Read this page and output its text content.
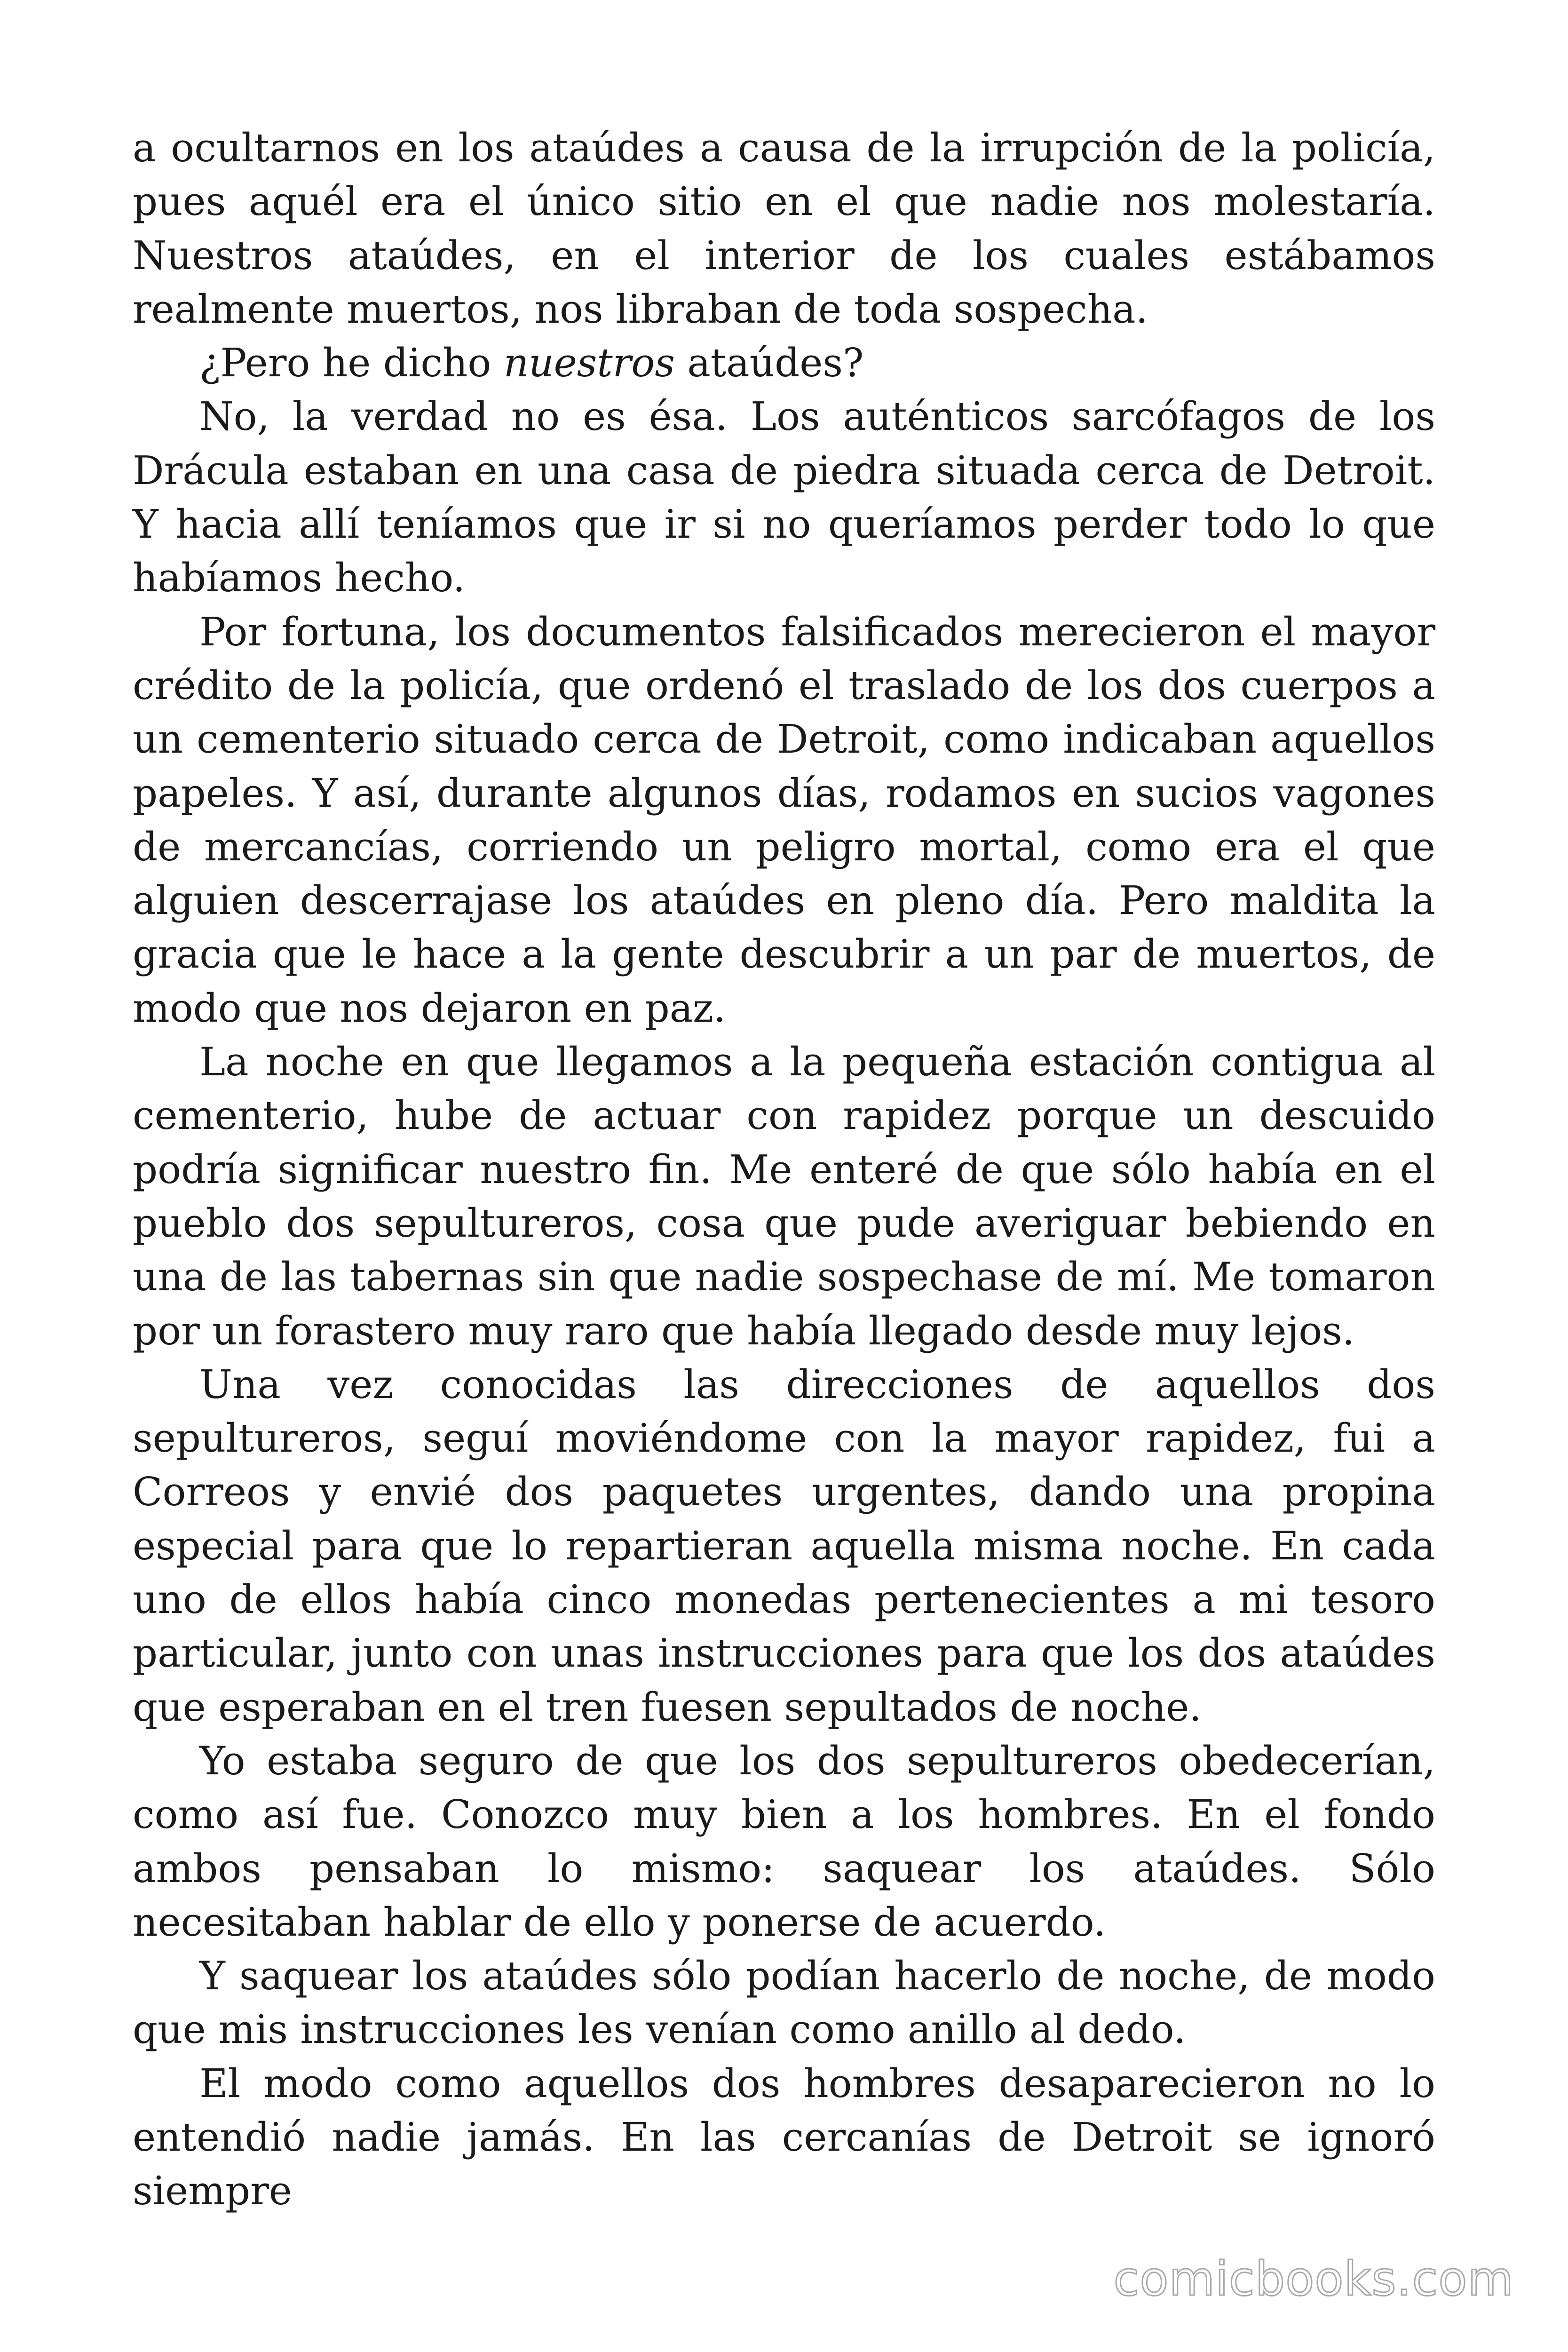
a ocultarnos en los ataúdes a causa de la irrupción de la policía, pues aquél era el único sitio en el que nadie nos molestaría. Nuestros ataúdes, en el interior de los cuales estábamos realmente muertos, nos libraban de toda sospecha.

¿Pero he dicho nuestros ataúdes?

No, la verdad no es ésa. Los auténticos sarcófagos de los Drácula estaban en una casa de piedra situada cerca de Detroit. Y hacia allí teníamos que ir si no queríamos perder todo lo que habíamos hecho.

Por fortuna, los documentos falsificados merecieron el mayor crédito de la policía, que ordenó el traslado de los dos cuerpos a un cementerio situado cerca de Detroit, como indicaban aquellos papeles. Y así, durante algunos días, rodamos en sucios vagones de mercancías, corriendo un peligro mortal, como era el que alguien descerrajase los ataúdes en pleno día. Pero maldita la gracia que le hace a la gente descubrir a un par de muertos, de modo que nos dejaron en paz.

La noche en que llegamos a la pequeña estación contigua al cementerio, hube de actuar con rapidez porque un descuido podría significar nuestro fin. Me enteré de que sólo había en el pueblo dos sepultureros, cosa que pude averiguar bebiendo en una de las tabernas sin que nadie sospechase de mí. Me tomaron por un forastero muy raro que había llegado desde muy lejos.

Una vez conocidas las direcciones de aquellos dos sepultureros, seguí moviéndome con la mayor rapidez, fui a Correos y envié dos paquetes urgentes, dando una propina especial para que lo repartieran aquella misma noche. En cada uno de ellos había cinco monedas pertenecientes a mi tesoro particular, junto con unas instrucciones para que los dos ataúdes que esperaban en el tren fuesen sepultados de noche.

Yo estaba seguro de que los dos sepultureros obedecerían, como así fue. Conozco muy bien a los hombres. En el fondo ambos pensaban lo mismo: saquear los ataúdes. Sólo necesitaban hablar de ello y ponerse de acuerdo.

Y saquear los ataúdes sólo podían hacerlo de noche, de modo que mis instrucciones les venían como anillo al dedo.

El modo como aquellos dos hombres desaparecieron no lo entendió nadie jamás. En las cercanías de Detroit se ignoró siempre

comicbooks.com
